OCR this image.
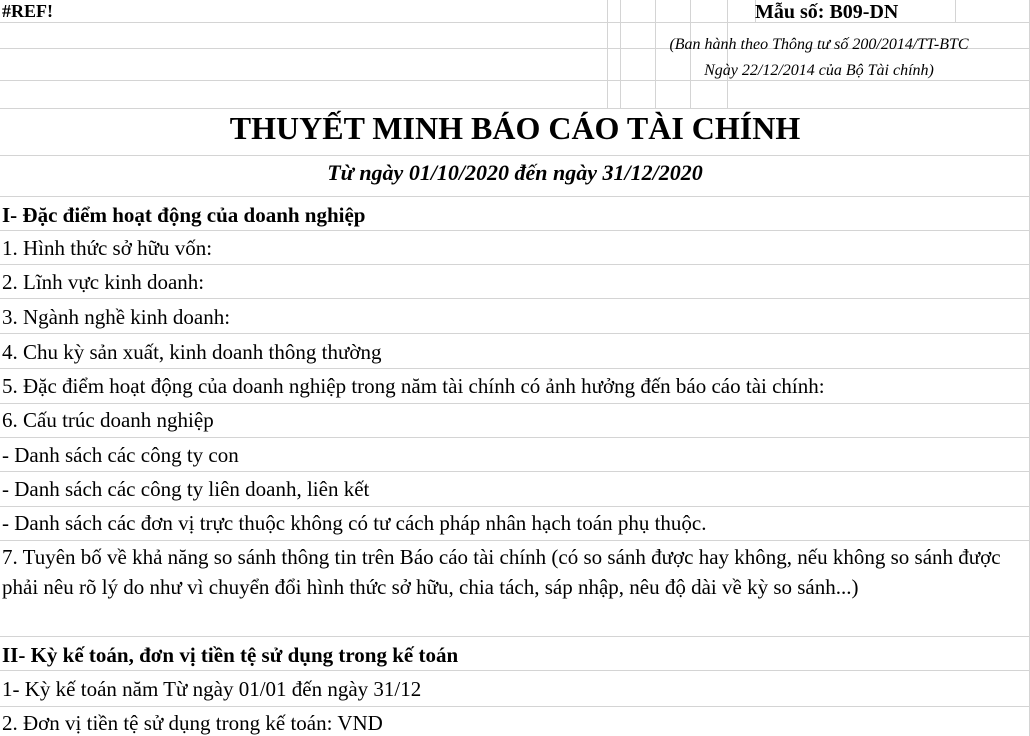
#REF!	Mẫu số: B09-DN
(Ban hành theo Thông tư số 200/2014/TT-BTC
Ngày 22/12/2014 của Bộ Tài chính)
THUYẾT MINH BÁO CÁO TÀI CHÍNH
Từ ngày 01/10/2020 đến ngày 31/12/2020
I- Đặc điểm hoạt động của doanh nghiệp
1. Hình thức sở hữu vốn:
2. Lĩnh vực kinh doanh:
3. Ngành nghề kinh doanh:
4. Chu kỳ sản xuất, kinh doanh thông thường
5. Đặc điểm hoạt động của doanh nghiệp trong năm tài chính có ảnh hưởng đến báo cáo tài chính:
6. Cấu trúc doanh nghiệp
- Danh sách các công ty con
- Danh sách các công ty liên doanh, liên kết
- Danh sách các đơn vị trực thuộc không có tư cách pháp nhân hạch toán phụ thuộc.
7. Tuyên bố về khả năng so sánh thông tin trên Báo cáo tài chính (có so sánh được hay không, nếu không so sánh được phải nêu rõ lý do như vì chuyển đổi hình thức sở hữu, chia tách, sáp nhập, nêu độ dài về kỳ so sánh...)
II- Kỳ kế toán, đơn vị tiền tệ sử dụng trong kế toán
1- Kỳ kế toán năm Từ ngày 01/01 đến ngày 31/12
2. Đơn vị tiền tệ sử dụng trong kế toán: VND
